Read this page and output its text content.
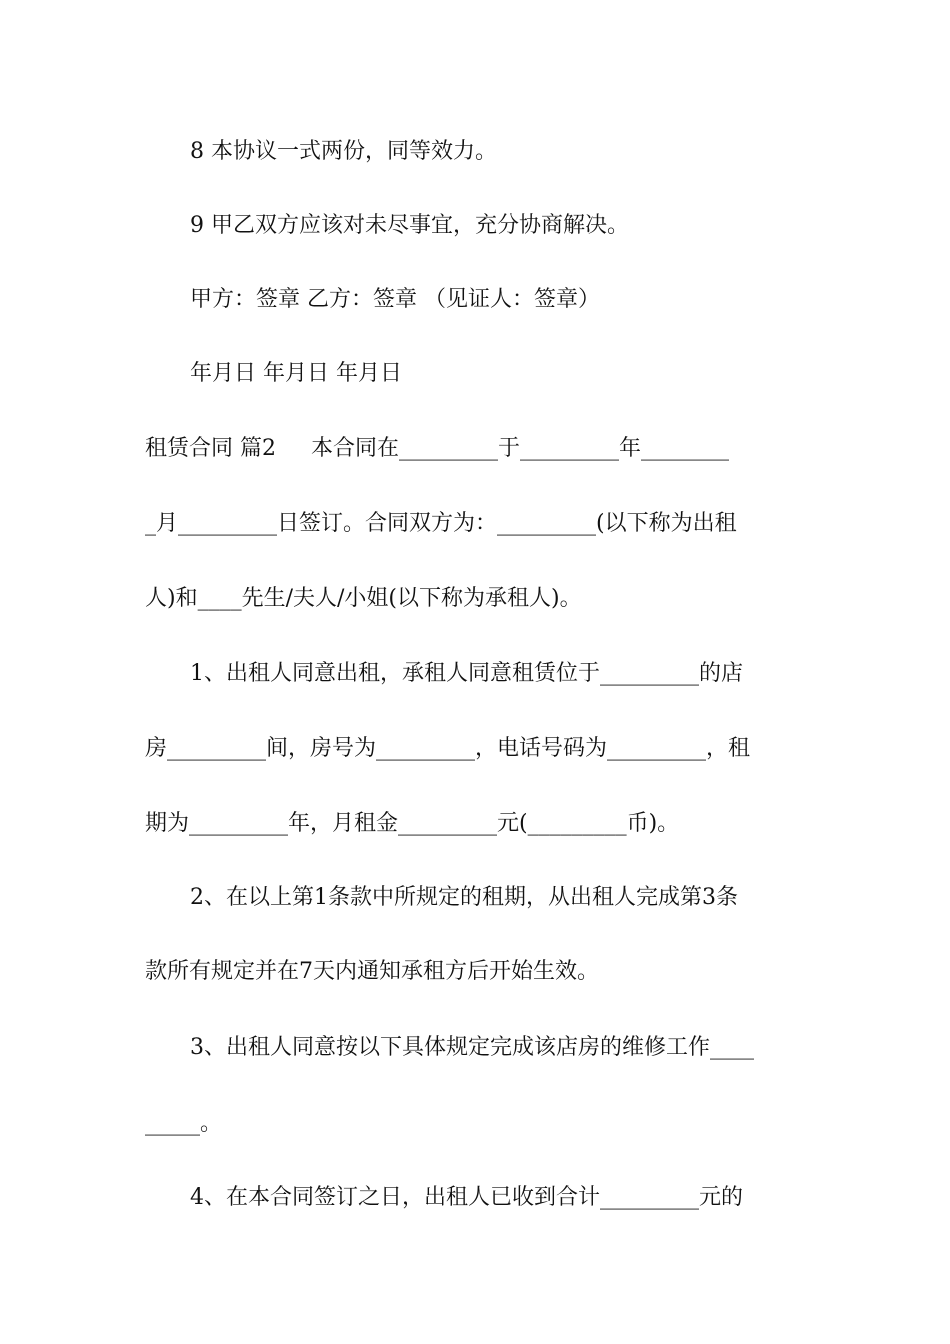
8 本协议一式两份，同等效力。
9 甲乙双方应该对未尽事宜，充分协商解决。
甲方：签章 乙方：签章 （见证人：签章）
年月日 年月日 年月日
租赁合同 篇2     本合同在_________于_________年________
_月_________日签订。合同双方为：_________(以下称为出租
人)和____先生/夫人/小姐(以下称为承租人)。
1、出租人同意出租，承租人同意租赁位于_________的店
房_________间，房号为_________，电话号码为_________，租
期为_________年，月租金_________元(_________币)。
2、在以上第1条款中所规定的租期，从出租人完成第3条
款所有规定并在7天内通知承租方后开始生效。
3、出租人同意按以下具体规定完成该店房的维修工作____
_____。
4、在本合同签订之日，出租人已收到合计_________元的
